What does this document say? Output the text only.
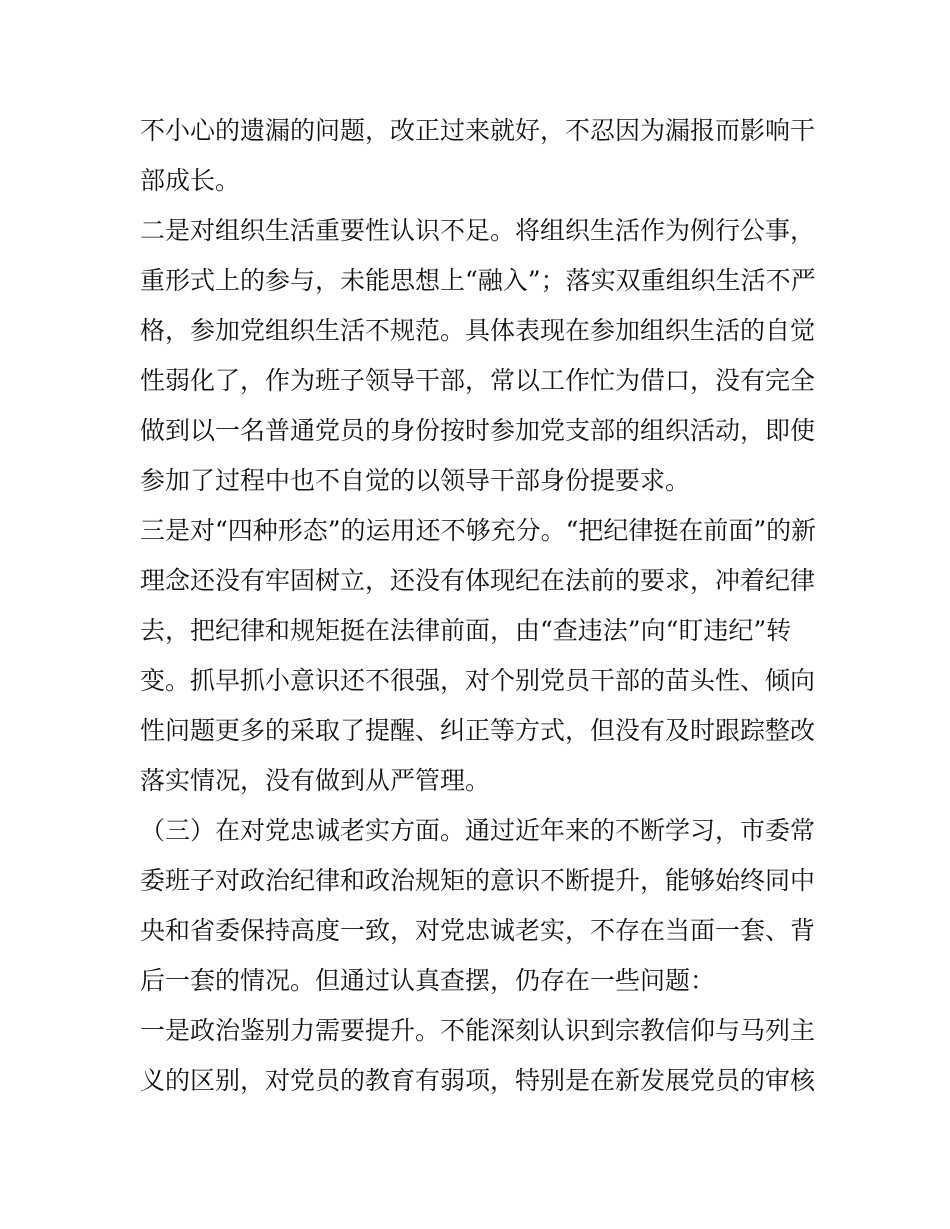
不小心的遗漏的问题，改正过来就好，不忍因为漏报而影响干
部成长。
二是对组织生活重要性认识不足。将组织生活作为例行公事，
重形式上的参与，未能思想上“融入”；落实双重组织生活不严
格，参加党组织生活不规范。具体表现在参加组织生活的自觉
性弱化了，作为班子领导干部，常以工作忙为借口，没有完全
做到以一名普通党员的身份按时参加党支部的组织活动，即使
参加了过程中也不自觉的以领导干部身份提要求。
三是对“四种形态”的运用还不够充分。“把纪律挺在前面”的新
理念还没有牢固树立，还没有体现纪在法前的要求，冲着纪律
去，把纪律和规矩挺在法律前面，由“查违法”向“盯违纪”转
变。抓早抓小意识还不很强，对个别党员干部的苗头性、倾向
性问题更多的采取了提醒、纠正等方式，但没有及时跟踪整改
落实情况，没有做到从严管理。
（三）在对党忠诚老实方面。通过近年来的不断学习，市委常
委班子对政治纪律和政治规矩的意识不断提升，能够始终同中
央和省委保持高度一致，对党忠诚老实，不存在当面一套、背
后一套的情况。但通过认真查摆，仍存在一些问题：
一是政治鉴别力需要提升。不能深刻认识到宗教信仰与马列主
义的区别，对党员的教育有弱项，特别是在新发展党员的审核
